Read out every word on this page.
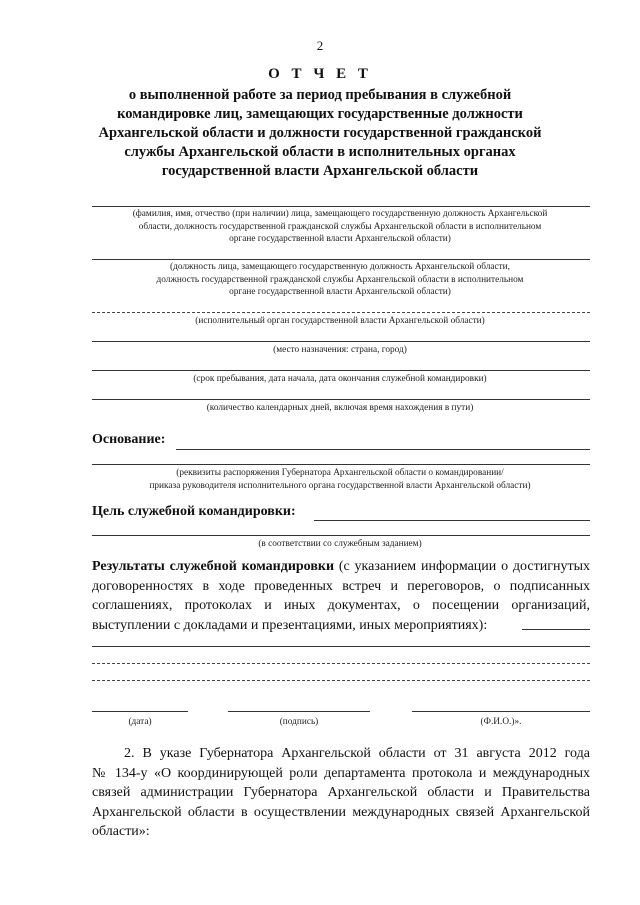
2
О Т Ч Е Т
о выполненной работе за период пребывания в служебной
командировке лиц, замещающих государственные должности
Архангельской области и должности государственной гражданской
службы Архангельской области в исполнительных органах
государственной власти Архангельской области
(фамилия, имя, отчество (при наличии) лица, замещающего государственную должность Архангельской
области, должность государственной гражданской службы Архангельской области в исполнительном
органе государственной власти Архангельской области)
(должность лица, замещающего государственную должность Архангельской области,
должность государственной гражданской службы Архангельской области в исполнительном
органе государственной власти Архангельской области)
(исполнительный орган государственной власти Архангельской области)
(место назначения: страна, город)
(срок пребывания, дата начала, дата окончания служебной командировки)
(количество календарных дней, включая время нахождения в пути)
Основание:
(реквизиты распоряжения Губернатора Архангельской области о командировании/
приказа руководителя исполнительного органа государственной власти Архангельской области)
Цель служебной командировки:
(в соответствии со служебным заданием)
Результаты служебной командировки (с указанием информации о достигнутых
договоренностях в ходе проведенных встреч и переговоров, о подписанных
соглашениях, протоколах и иных документах, о посещении организаций,
выступлении с докладами и презентациями, иных мероприятиях):
(дата)	(подпись)	(Ф.И.О.)».
2. В указе Губернатора Архангельской области от 31 августа 2012 года
№ 134-у «О координирующей роли департамента протокола и международных
связей администрации Губернатора Архангельской области и Правительства
Архангельской области в осуществлении международных связей Архангельской
области»:
